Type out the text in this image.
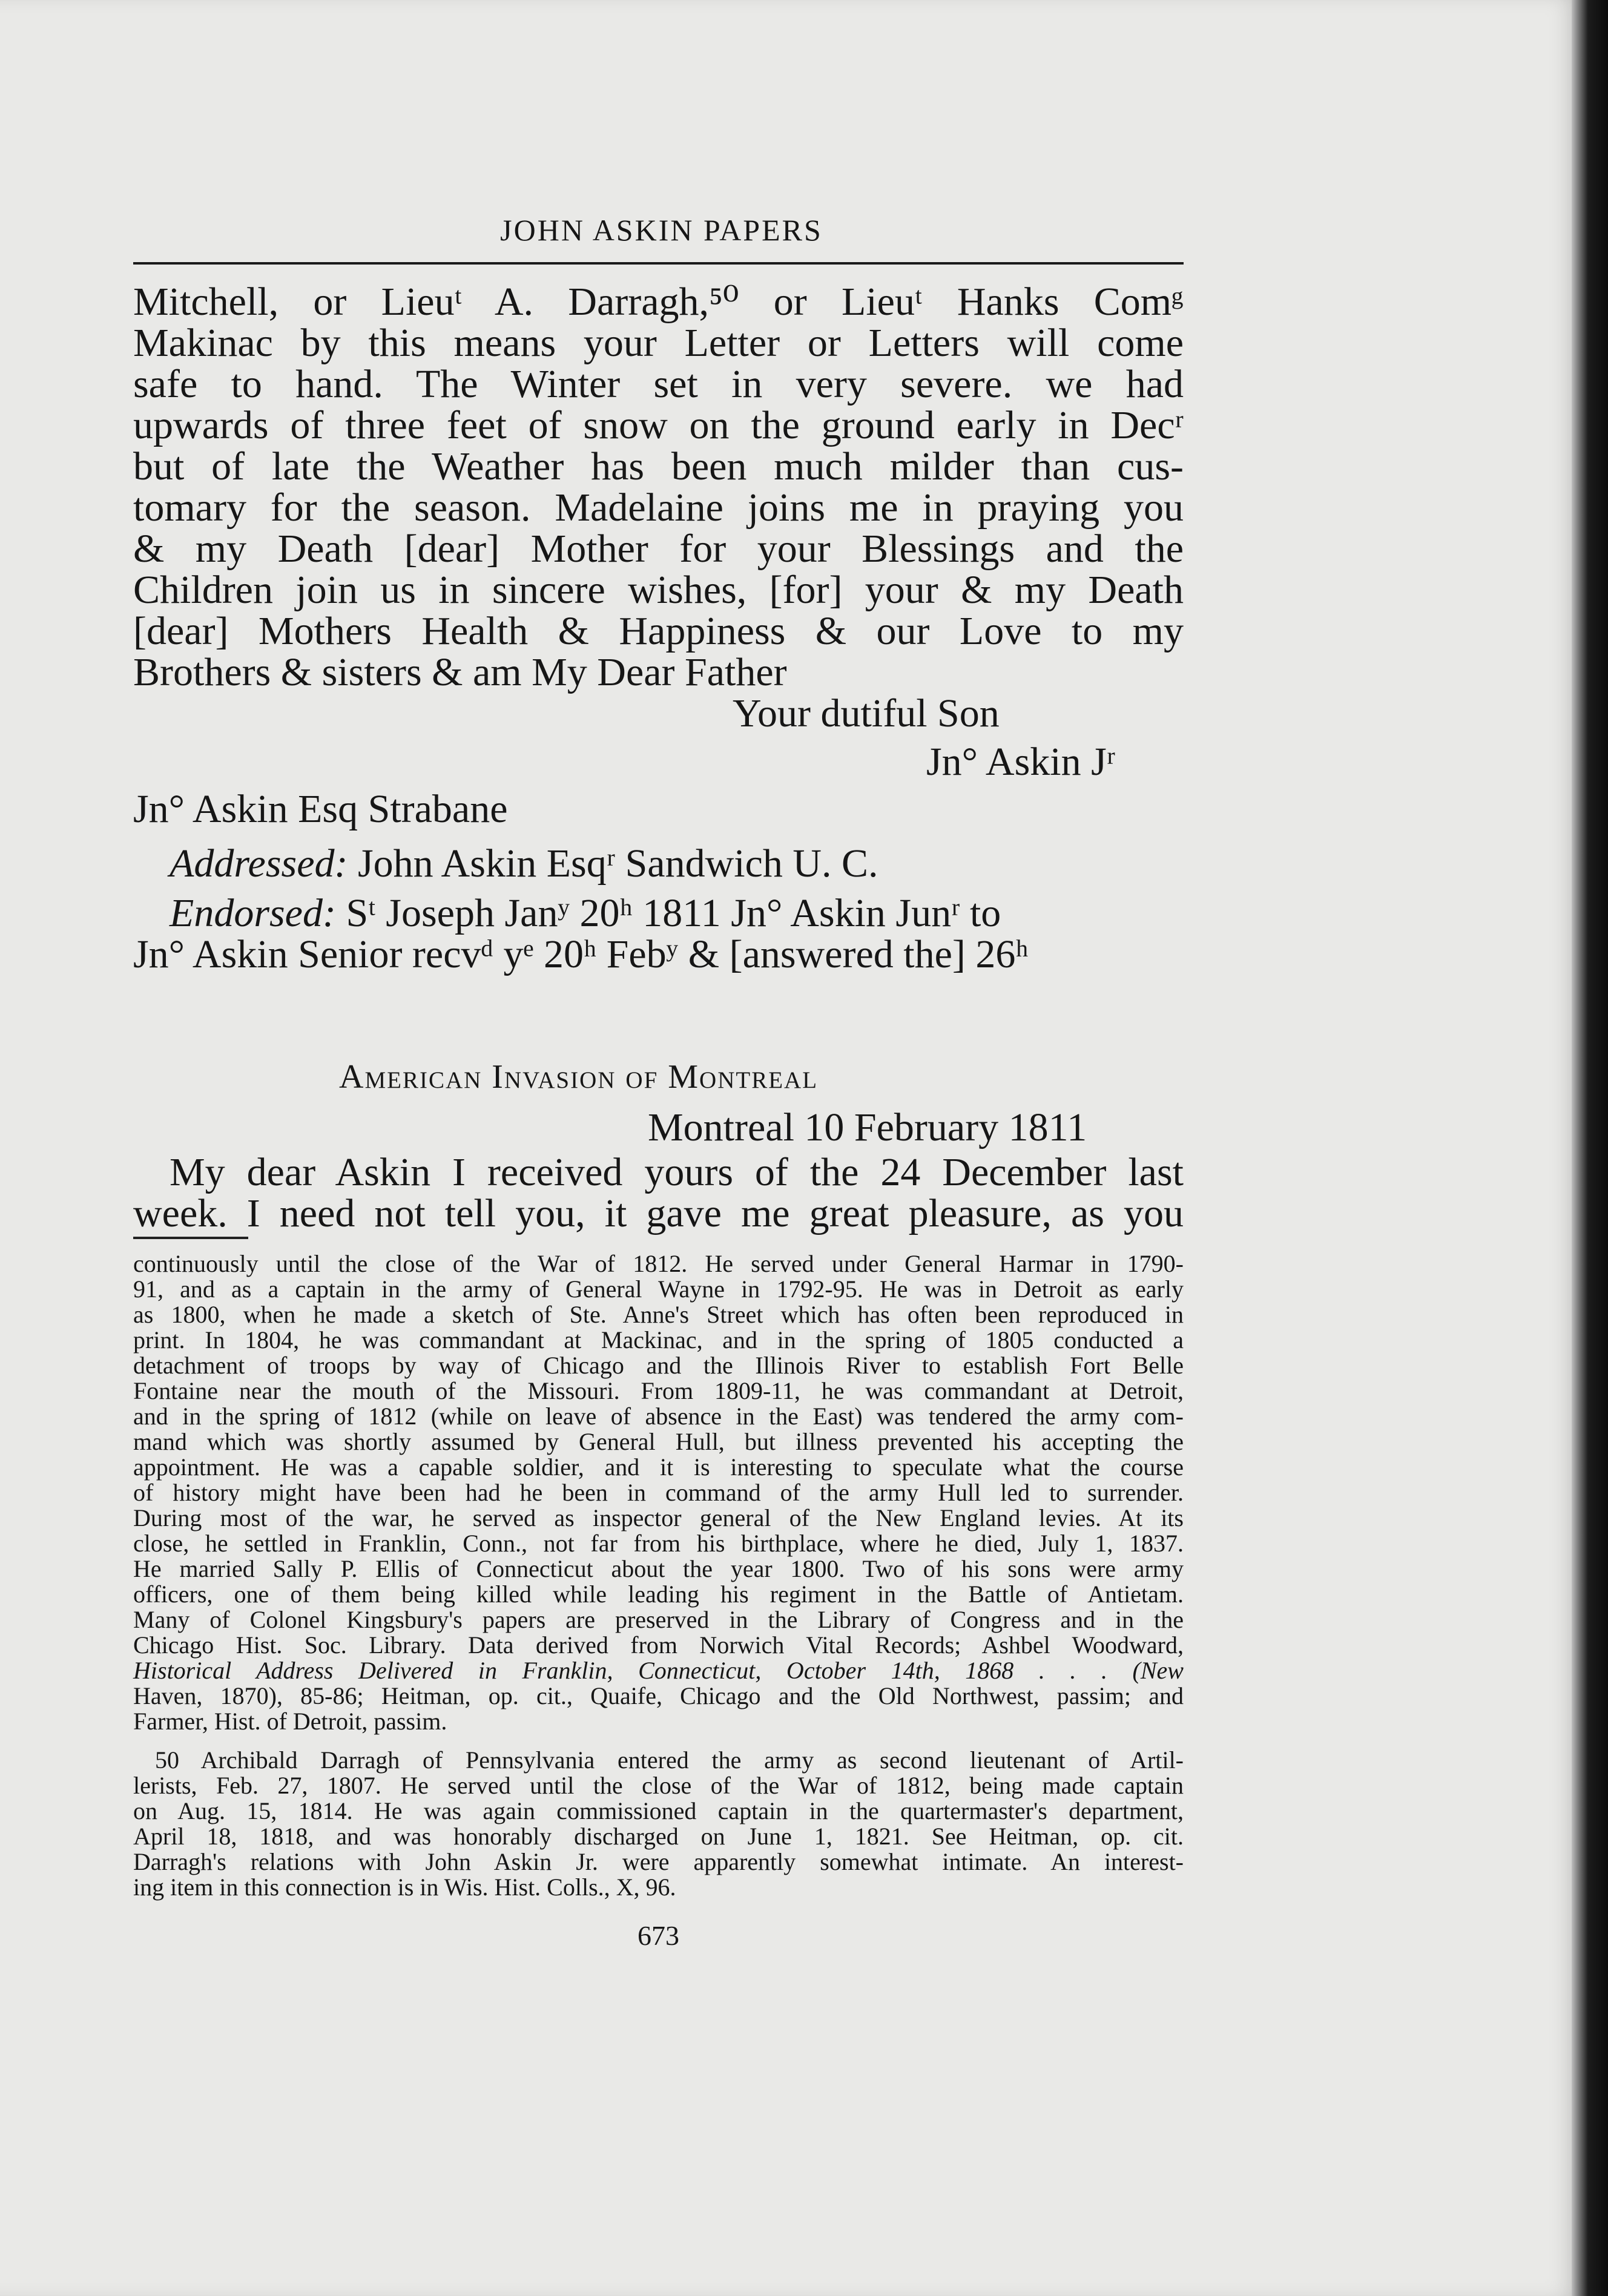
JOHN ASKIN PAPERS
Mitchell, or Lieuᵗ A. Darragh,⁵⁰ or Lieuᵗ Hanks Comᵍ
Makinac by this means your Letter or Letters will come
safe to hand. The Winter set in very severe. we had
upwards of three feet of snow on the ground early in Decʳ
but of late the Weather has been much milder than cus-
tomary for the season. Madelaine joins me in praying you
& my Death [dear] Mother for your Blessings and the
Children join us in sincere wishes, [for] your & my Death
[dear] Mothers Health & Happiness & our Love to my
Brothers & sisters & am My Dear Father
Your dutiful Son
Jn° Askin Jʳ
Jn° Askin Esq Strabane
Addressed: John Askin Esqʳ Sandwich U. C.
Endorsed: Sᵗ Joseph Janʸ 20ʰ 1811 Jn° Askin Junʳ to
Jn° Askin Senior recvᵈ yᵉ 20ʰ Febʸ & [answered the] 26ʰ
American Invasion of Montreal
Montreal 10 February 1811
My dear Askin I received yours of the 24 December last
week. I need not tell you, it gave me great pleasure, as you
continuously until the close of the War of 1812. He served under General Harmar in 1790-
91, and as a captain in the army of General Wayne in 1792-95. He was in Detroit as early
as 1800, when he made a sketch of Ste. Anne's Street which has often been reproduced in
print. In 1804, he was commandant at Mackinac, and in the spring of 1805 conducted a
detachment of troops by way of Chicago and the Illinois River to establish Fort Belle
Fontaine near the mouth of the Missouri. From 1809-11, he was commandant at Detroit,
and in the spring of 1812 (while on leave of absence in the East) was tendered the army com-
mand which was shortly assumed by General Hull, but illness prevented his accepting the
appointment. He was a capable soldier, and it is interesting to speculate what the course
of history might have been had he been in command of the army Hull led to surrender.
During most of the war, he served as inspector general of the New England levies. At its
close, he settled in Franklin, Conn., not far from his birthplace, where he died, July 1, 1837.
He married Sally P. Ellis of Connecticut about the year 1800. Two of his sons were army
officers, one of them being killed while leading his regiment in the Battle of Antietam.
Many of Colonel Kingsbury's papers are preserved in the Library of Congress and in the
Chicago Hist. Soc. Library. Data derived from Norwich Vital Records; Ashbel Woodward,
Historical Address Delivered in Franklin, Connecticut, October 14th, 1868 . . . (New
Haven, 1870), 85-86; Heitman, op. cit., Quaife, Chicago and the Old Northwest, passim; and
Farmer, Hist. of Detroit, passim.
50 Archibald Darragh of Pennsylvania entered the army as second lieutenant of Artil-
lerists, Feb. 27, 1807. He served until the close of the War of 1812, being made captain
on Aug. 15, 1814. He was again commissioned captain in the quartermaster's department,
April 18, 1818, and was honorably discharged on June 1, 1821. See Heitman, op. cit.
Darragh's relations with John Askin Jr. were apparently somewhat intimate. An interest-
ing item in this connection is in Wis. Hist. Colls., X, 96.
673
